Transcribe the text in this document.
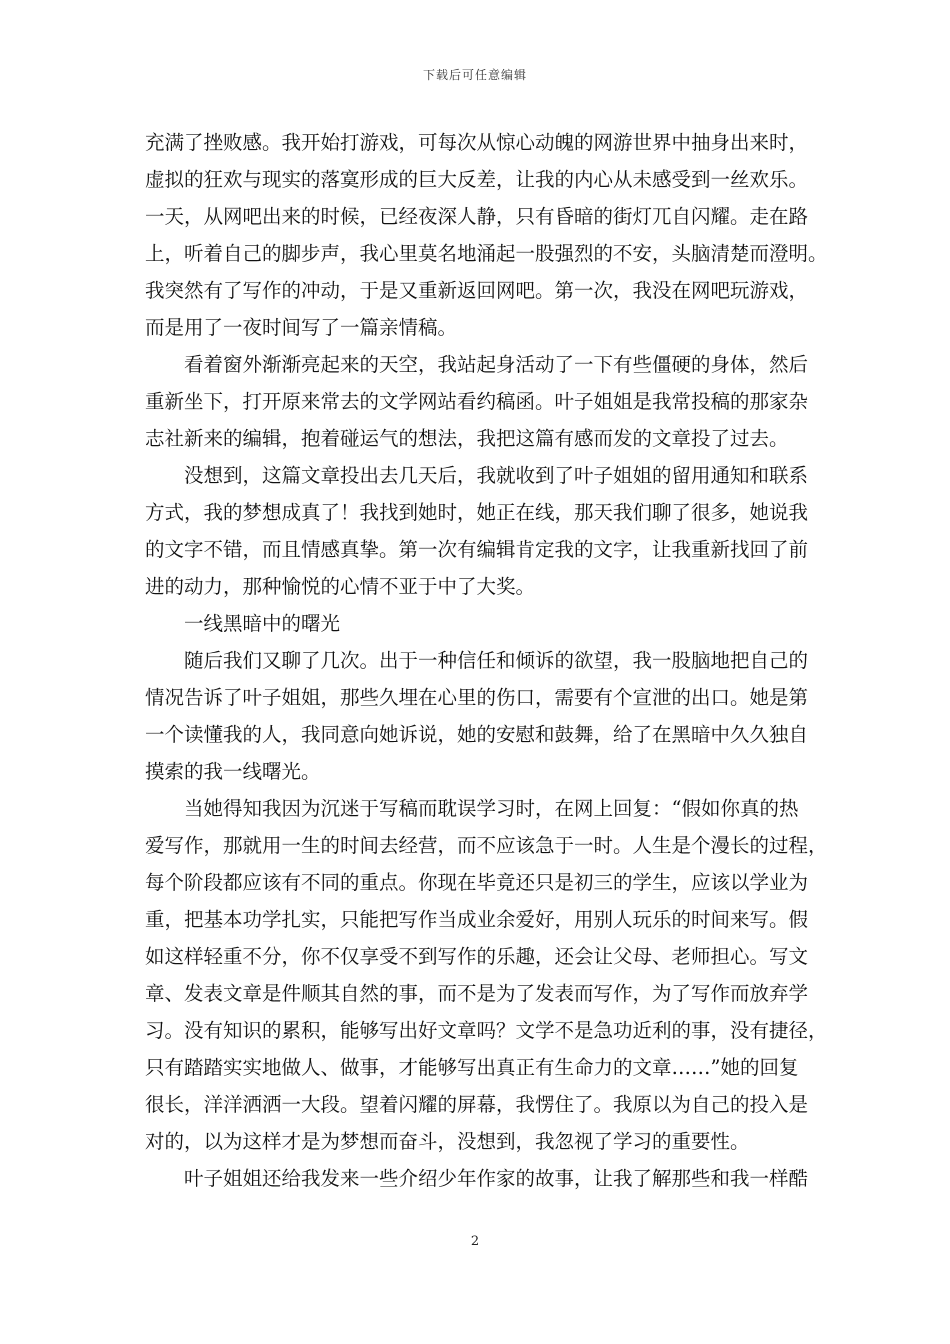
下载后可任意编辑
充满了挫败感。我开始打游戏，可每次从惊心动魄的网游世界中抽身出来时，
虚拟的狂欢与现实的落寞形成的巨大反差，让我的内心从未感受到一丝欢乐。
一天，从网吧出来的时候，已经夜深人静，只有昏暗的街灯兀自闪耀。走在路
上，听着自己的脚步声，我心里莫名地涌起一股强烈的不安，头脑清楚而澄明。
我突然有了写作的冲动，于是又重新返回网吧。第一次，我没在网吧玩游戏，
而是用了一夜时间写了一篇亲情稿。
看着窗外渐渐亮起来的天空，我站起身活动了一下有些僵硬的身体，然后
重新坐下，打开原来常去的文学网站看约稿函。叶子姐姐是我常投稿的那家杂
志社新来的编辑，抱着碰运气的想法，我把这篇有感而发的文章投了过去。
没想到，这篇文章投出去几天后，我就收到了叶子姐姐的留用通知和联系
方式，我的梦想成真了！我找到她时，她正在线，那天我们聊了很多，她说我
的文字不错，而且情感真挚。第一次有编辑肯定我的文字，让我重新找回了前
进的动力，那种愉悦的心情不亚于中了大奖。
一线黑暗中的曙光
随后我们又聊了几次。出于一种信任和倾诉的欲望，我一股脑地把自己的
情况告诉了叶子姐姐，那些久埋在心里的伤口，需要有个宣泄的出口。她是第
一个读懂我的人，我同意向她诉说，她的安慰和鼓舞，给了在黑暗中久久独自
摸索的我一线曙光。
当她得知我因为沉迷于写稿而耽误学习时，在网上回复：“假如你真的热
爱写作，那就用一生的时间去经营，而不应该急于一时。人生是个漫长的过程，
每个阶段都应该有不同的重点。你现在毕竟还只是初三的学生，应该以学业为
重，把基本功学扎实，只能把写作当成业余爱好，用别人玩乐的时间来写。假
如这样轻重不分，你不仅享受不到写作的乐趣，还会让父母、老师担心。写文
章、发表文章是件顺其自然的事，而不是为了发表而写作，为了写作而放弃学
习。没有知识的累积，能够写出好文章吗？文学不是急功近利的事，没有捷径，
只有踏踏实实地做人、做事，才能够写出真正有生命力的文章……”她的回复
很长，洋洋洒洒一大段。望着闪耀的屏幕，我愣住了。我原以为自己的投入是
对的，以为这样才是为梦想而奋斗，没想到，我忽视了学习的重要性。
叶子姐姐还给我发来一些介绍少年作家的故事，让我了解那些和我一样酷
2
